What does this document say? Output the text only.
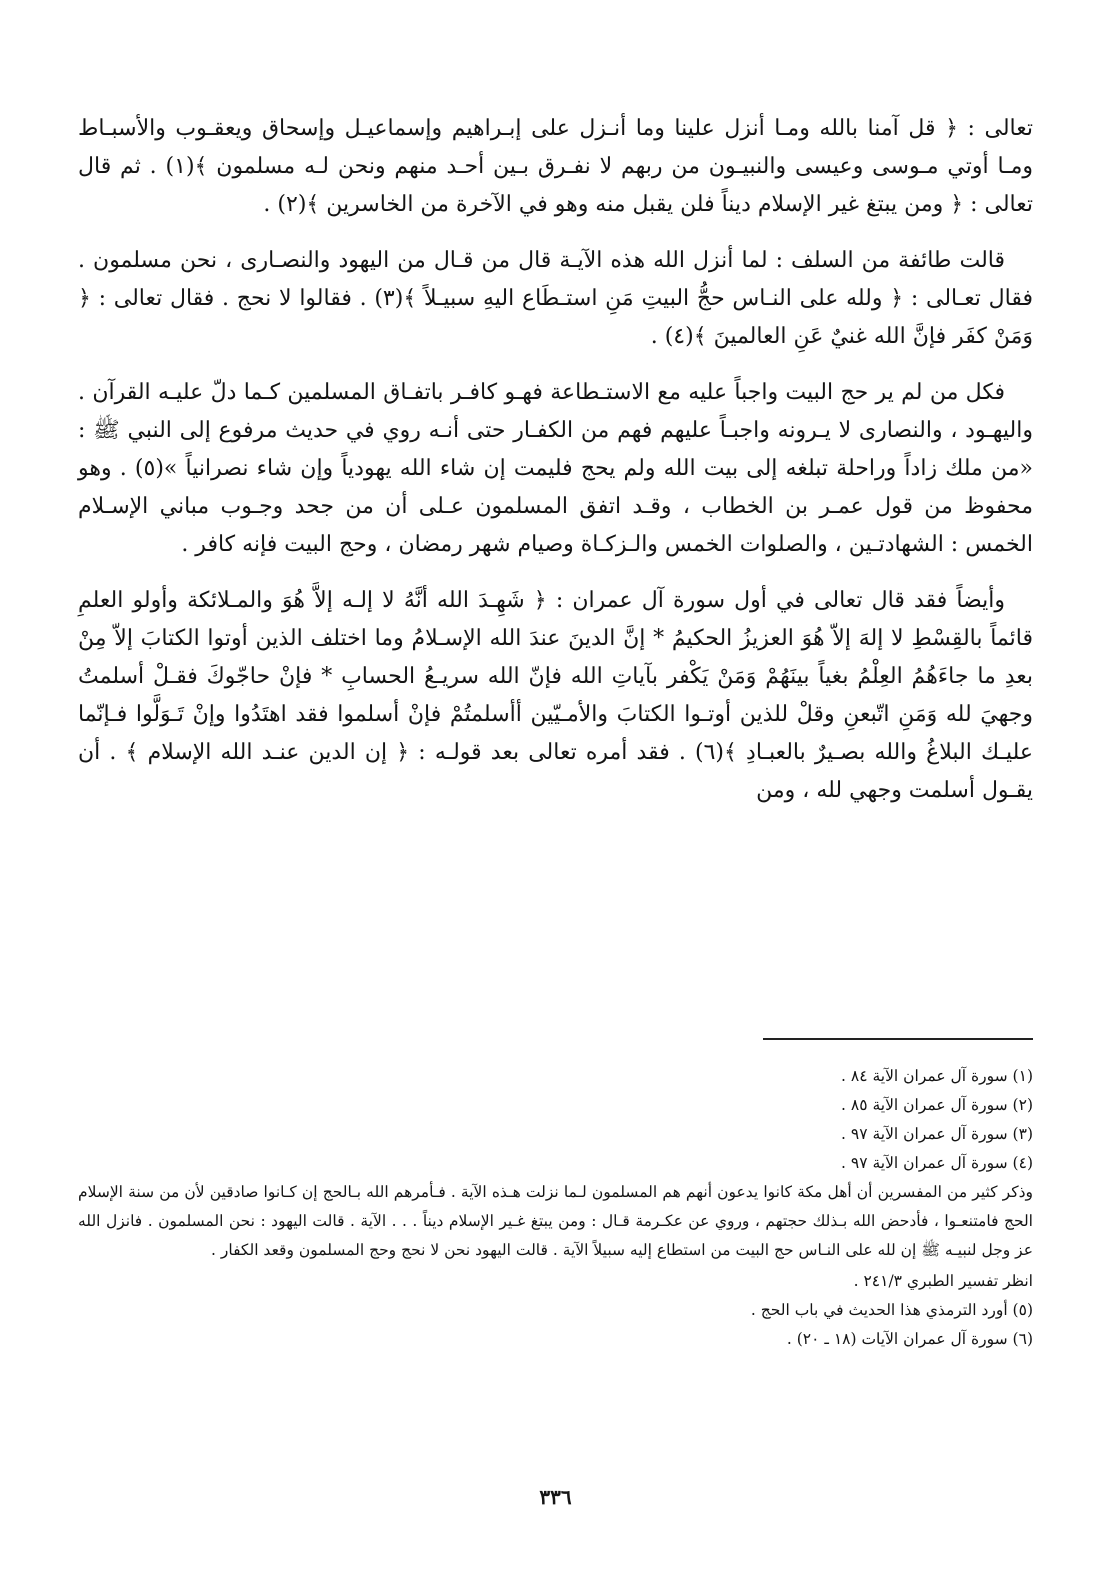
تعالى : ﴿ قل آمنا بالله ومـا أنزل علينا وما أنـزل على إبـراهيم وإسماعيـل وإسحاق ويعقـوب والأسبـاط ومـا أوتي مـوسى وعيسى والنبيـون من ربهم لا نفـرق بـين أحـد منهم ونحن لـه مسلمون ﴾(١) . ثم قال تعالى : ﴿ ومن يبتغ غير الإسلام ديناً فلن يقبل منه وهو في الآخرة من الخاسرين ﴾(٢) .

قالت طائفة من السلف : لما أنزل الله هذه الآيـة قال من قـال من اليهود والنصـارى ، نحن مسلمون . فقال تعـالى : ﴿ ولله على النـاس حجُّ البيتِ مَنِ استـطَاع اليهِ سبيـلاً ﴾(٣) . فقالوا لا نحج . فقال تعالى : ﴿ وَمَنْ كفَر فإنَّ الله غنيٌ عَنِ العالمينَ ﴾(٤) .

فكل من لم ير حج البيت واجباً عليه مع الاستـطاعة فهـو كافـر باتفـاق المسلمين كـما دلّ عليـه القرآن . واليهـود ، والنصارى لا يـرونه واجبـاً عليهم فهم من الكفـار حتى أنـه روي في حديث مرفوع إلى النبي ﷺ : «من ملك زاداً وراحلة تبلغه إلى بيت الله ولم يحج فليمت إن شاء الله يهودياً وإن شاء نصرانياً »(٥) . وهو محفوظ من قول عمـر بن الخطاب ، وقـد اتفق المسلمون عـلى أن من جحد وجـوب مباني الإسـلام الخمس : الشهادتـين ، والصلوات الخمس والـزكـاة وصيام شهر رمضان ، وحج البيت فإنه كافر .

وأيضاً فقد قال تعالى في أول سورة آل عمران : ﴿ شَهِـدَ الله أنَّهُ لا إلـه إلاَّ هُوَ والمـلائكة وأولو العلمِ قائماً بالقِسْطِ لا إلهَ إلاّ هُوَ العزيزُ الحكيمُ * إنَّ الدينَ عندَ الله الإسـلامُ وما اختلف الذين أوتوا الكتابَ إلاّ مِنْ بعدِ ما جاءَهُمُ العِلْمُ بغياً بينَهُمْ وَمَنْ يَكْفر بآياتِ الله فإنّ الله سريـعُ الحسابِ * فإنْ حاجّوكَ فقـلْ أسلمتُ وجهيَ لله وَمَنِ اتّبعنِ وقلْ للذين أوتـوا الكتابَ والأمـيّين أأسلمتُمْ فإنْ أسلموا فقد اهتَدُوا وإنْ تَـوَلَّوا فـإنّما عليـك البلاغُ والله بصـيرٌ بالعبـادِ ﴾(٦) . فقد أمره تعالى بعد قولـه : ﴿ إن الدين عنـد الله الإسلام ﴾ . أن يقـول أسلمت وجهي لله ، ومن

(١) سورة آل عمران الآية ٨٤ .

(٢) سورة آل عمران الآية ٨٥ .

(٣) سورة آل عمران الآية ٩٧ .

(٤) سورة آل عمران الآية ٩٧ .

وذكر كثير من المفسرين أن أهل مكة كانوا يدعون أنهم هم المسلمون لـما نزلت هـذه الآية . فـأمرهم الله بـالحج إن كـانوا صادقين لأن من سنة الإسلام الحج فامتنعـوا ، فأدحض الله بـذلك حجتهم ، وروي عن عكـرمة قـال : ومن يبتغ غـير الإسلام ديناً . . . الآية . قالت اليهود : نحن المسلمون . فانزل الله عز وجل لنبيـه ﷺ إن لله على النـاس حج البيت من استطاع إليه سبيلاً الآية . قالت اليهود نحن لا نحج وحج المسلمون وقعد الكفار .

انظر تفسير الطبري ٢٤١/٣ .

(٥) أورد الترمذي هذا الحديث في باب الحج .

(٦) سورة آل عمران الآيات (١٨ ـ ٢٠) .

٣٣٦
